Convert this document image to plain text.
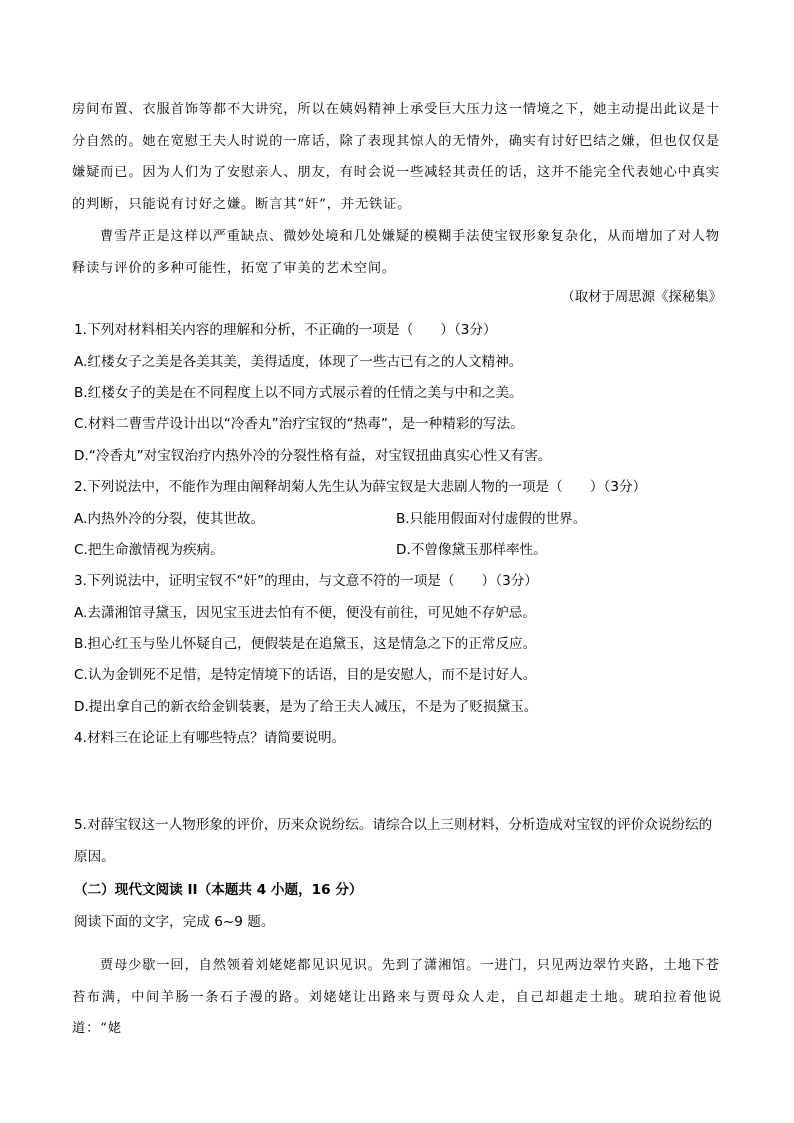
房间布置、衣服首饰等都不大讲究，所以在姨妈精神上承受巨大压力这一情境之下，她主动提出此议是十
分自然的。她在宽慰王夫人时说的一席话，除了表现其惊人的无情外，确实有讨好巴结之嫌，但也仅仅是
嫌疑而已。因为人们为了安慰亲人、朋友，有时会说一些减轻其责任的话，这并不能完全代表她心中真实
的判断，只能说有讨好之嫌。断言其“奸”，并无铁证。
曹雪芹正是这样以严重缺点、微妙处境和几处嫌疑的模糊手法使宝钗形象复杂化，从而增加了对人物
释读与评价的多种可能性，拓宽了审美的艺术空间。

（取材于周思源《探秘集》

1.下列对材料相关内容的理解和分析，不正确的一项是（　　）（3分）

A.红楼女子之美是各美其美，美得适度，体现了一些古已有之的人文精神。

B.红楼女子的美是在不同程度上以不同方式展示着的任情之美与中和之美。

C.材料二曹雪芹设计出以“冷香丸”治疗宝钗的“热毒”，是一种精彩的写法。

D.“冷香丸”对宝钗治疗内热外冷的分裂性格有益，对宝钗扭曲真实心性又有害。

2.下列说法中，不能作为理由阐释胡菊人先生认为薛宝钗是大悲剧人物的一项是（　　）（3分）

A.内热外冷的分裂，使其世故。	B.只能用假面对付虚假的世界。

C.把生命激情视为疾病。	D.不曾像黛玉那样率性。

3.下列说法中，证明宝钗不“奸”的理由，与文意不符的一项是（　　）（3分）

A.去潇湘馆寻黛玉，因见宝玉进去怕有不便，便没有前往，可见她不存妒忌。

B.担心红玉与坠儿怀疑自己，便假装是在追黛玉，这是情急之下的正常反应。

C.认为金钏死不足惜，是特定情境下的话语，目的是安慰人，而不是讨好人。

D.提出拿自己的新衣给金钏装裹，是为了给王夫人减压，不是为了贬损黛玉。

4.材料三在论证上有哪些特点？请简要说明。

5.对薛宝钗这一人物形象的评价，历来众说纷纭。请综合以上三则材料，分析造成对宝钗的评价众说纷纭的原因。

（二）现代文阅读 II（本题共 4 小题，16 分）

阅读下面的文字，完成 6~9 题。

贾母少歇一回，自然领着刘姥姥都见识见识。先到了潇湘馆。一进门，只见两边翠竹夹路，土地下苍
苔布满，中间羊肠一条石子漫的路。刘姥姥让出路来与贾母众人走，自己却趄走土地。琥珀拉着他说道：“姥
